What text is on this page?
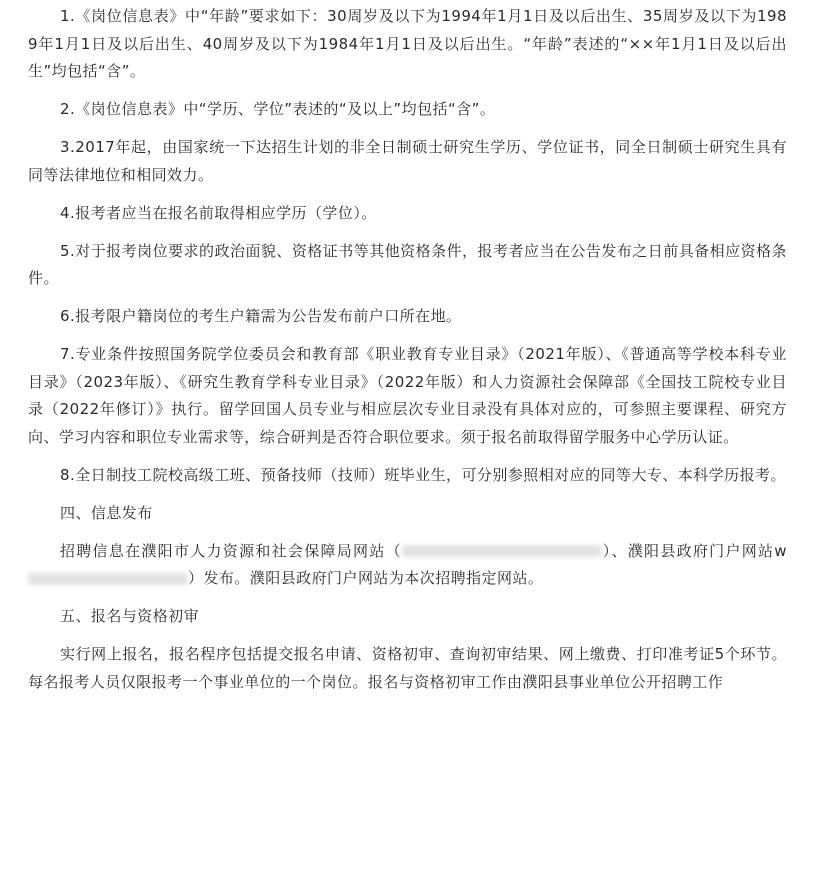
1.《岗位信息表》中“年龄”要求如下：30周岁及以下为1994年1月1日及以后出生、35周岁及以下为1989年1月1日及以后出生、40周岁及以下为1984年1月1日及以后出生。“年龄”表述的“××年1月1日及以后出生”均包括“含”。

2.《岗位信息表》中“学历、学位”表述的“及以上”均包括“含”。

3.2017年起，由国家统一下达招生计划的非全日制硕士研究生学历、学位证书，同全日制硕士研究生具有同等法律地位和相同效力。

4.报考者应当在报名前取得相应学历（学位）。

5.对于报考岗位要求的政治面貌、资格证书等其他资格条件，报考者应当在公告发布之日前具备相应资格条件。

6.报考限户籍岗位的考生户籍需为公告发布前户口所在地。

7.专业条件按照国务院学位委员会和教育部《职业教育专业目录》（2021年版）、《普通高等学校本科专业目录》（2023年版）、《研究生教育学科专业目录》（2022年版）和人力资源社会保障部《全国技工院校专业目录（2022年修订）》执行。留学回国人员专业与相应层次专业目录没有具体对应的，可参照主要课程、研究方向、学习内容和职位专业需求等，综合研判是否符合职位要求。须于报名前取得留学服务中心学历认证。

8.全日制技工院校高级工班、预备技师（技师）班毕业生，可分别参照相对应的同等大专、本科学历报考。

四、信息发布

招聘信息在濮阳市人力资源和社会保障局网站（	）、濮阳县政府门户网站w）发布。濮阳县政府门户网站为本次招聘指定网站。

五、报名与资格初审

实行网上报名，报名程序包括提交报名申请、资格初审、查询初审结果、网上缴费、打印准考证5个环节。每名报考人员仅限报考一个事业单位的一个岗位。报名与资格初审工作由濮阳县事业单位公开招聘工作
